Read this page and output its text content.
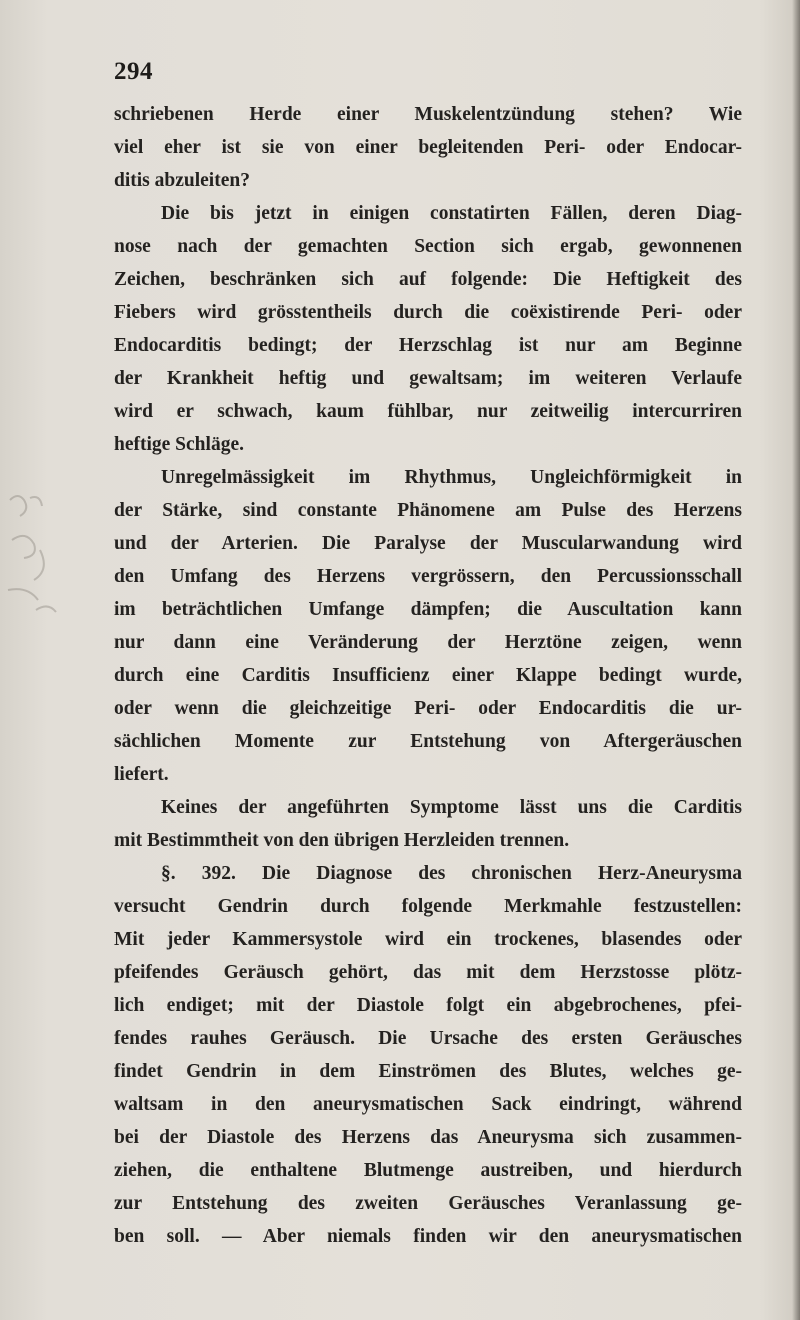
294
schriebenen Herde einer Muskelentzündung stehen? Wie
viel eher ist sie von einer begleitenden Peri- oder Endocar-
ditis abzuleiten?
Die bis jetzt in einigen constatirten Fällen, deren Diag-
nose nach der gemachten Section sich ergab, gewonnenen
Zeichen, beschränken sich auf folgende: Die Heftigkeit des
Fiebers wird grösstentheils durch die coëxistirende Peri- oder
Endocarditis bedingt; der Herzschlag ist nur am Beginne
der Krankheit heftig und gewaltsam; im weiteren Verlaufe
wird er schwach, kaum fühlbar, nur zeitweilig intercurriren
heftige Schläge.
Unregelmässigkeit im Rhythmus, Ungleichförmigkeit in
der Stärke, sind constante Phänomene am Pulse des Herzens
und der Arterien. Die Paralyse der Muscularwandung wird
den Umfang des Herzens vergrössern, den Percussionsschall
im beträchtlichen Umfange dämpfen; die Auscultation kann
nur dann eine Veränderung der Herztöne zeigen, wenn
durch eine Carditis Insufficienz einer Klappe bedingt wurde,
oder wenn die gleichzeitige Peri- oder Endocarditis die ur-
sächlichen Momente zur Entstehung von Aftergeräuschen
liefert.
Keines der angeführten Symptome lässt uns die Carditis
mit Bestimmtheit von den übrigen Herzleiden trennen.
§. 392. Die Diagnose des chronischen Herz-Aneurysma
versucht Gendrin durch folgende Merkmahle festzustellen:
Mit jeder Kammersystole wird ein trockenes, blasendes oder
pfeifendes Geräusch gehört, das mit dem Herzstosse plötz-
lich endiget; mit der Diastole folgt ein abgebrochenes, pfei-
fendes rauhes Geräusch. Die Ursache des ersten Geräusches
findet Gendrin in dem Einströmen des Blutes, welches ge-
waltsam in den aneurysmatischen Sack eindringt, während
bei der Diastole des Herzens das Aneurysma sich zusammen-
ziehen, die enthaltene Blutmenge austreiben, und hierdurch
zur Entstehung des zweiten Geräusches Veranlassung ge-
ben soll. — Aber niemals finden wir den aneurysmatischen
